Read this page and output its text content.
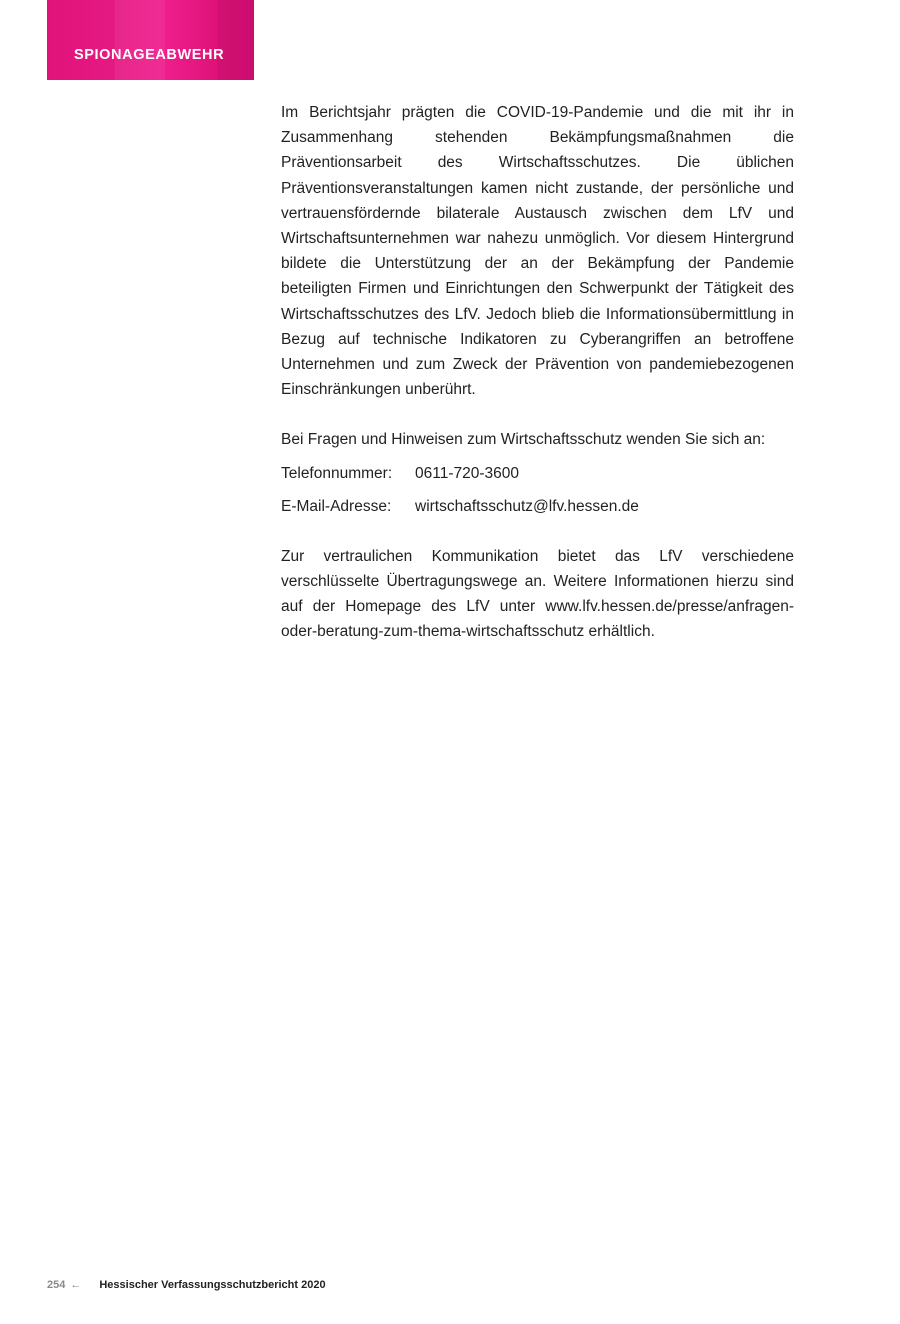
SPIONAGEABWEHR

Im Berichtsjahr prägten die COVID-19-Pandemie und die mit ihr in Zusammenhang stehenden Bekämpfungsmaßnahmen die Präventionsarbeit des Wirtschaftsschutzes. Die üblichen Präventionsveranstaltungen kamen nicht zustande, der persönliche und vertrauensfördernde bilaterale Austausch zwischen dem LfV und Wirtschaftsunternehmen war nahezu unmöglich. Vor diesem Hintergrund bildete die Unterstützung der an der Bekämpfung der Pandemie beteiligten Firmen und Einrichtungen den Schwerpunkt der Tätigkeit des Wirtschaftsschutzes des LfV. Jedoch blieb die Informationsübermittlung in Bezug auf technische Indikatoren zu Cyberangriffen an betroffene Unternehmen und zum Zweck der Prävention von pandemiebezogenen Einschränkungen unberührt.

Bei Fragen und Hinweisen zum Wirtschaftsschutz wenden Sie sich an:

Telefonnummer:	0611-720-3600
E-Mail-Adresse:	wirtschaftsschutz@lfv.hessen.de

Zur vertraulichen Kommunikation bietet das LfV verschiedene verschlüsselte Übertragungswege an. Weitere Informationen hierzu sind auf der Homepage des LfV unter www.lfv.hessen.de/presse/anfragen-oder-beratung-zum-thema-wirtschaftsschutz erhältlich.

254 ← Hessischer Verfassungsschutzbericht 2020
